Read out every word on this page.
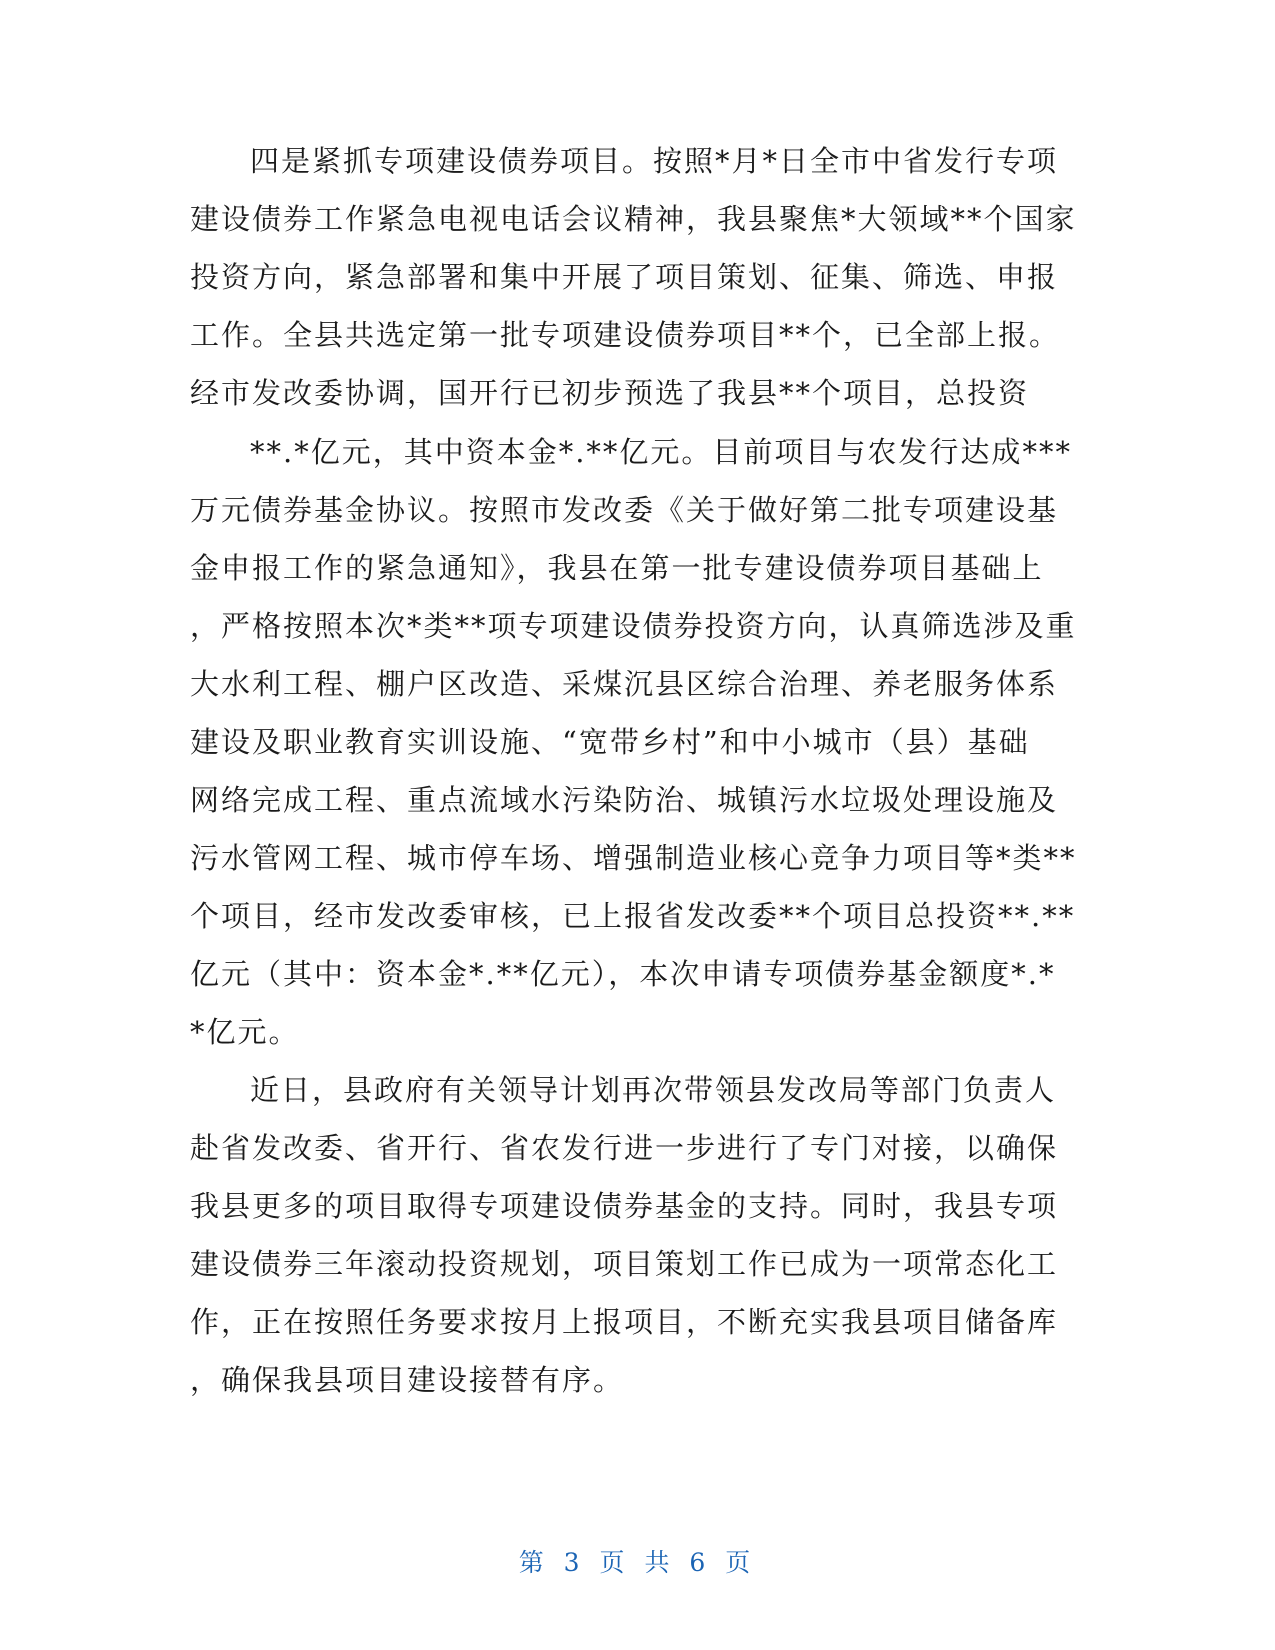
四是紧抓专项建设债券项目。按照*月*日全市中省发行专项
建设债券工作紧急电视电话会议精神，我县聚焦*大领域**个国家
投资方向，紧急部署和集中开展了项目策划、征集、筛选、申报
工作。全县共选定第一批专项建设债券项目**个，已全部上报。
经市发改委协调，国开行已初步预选了我县**个项目，总投资
**.*亿元，其中资本金*.**亿元。目前项目与农发行达成***
万元债券基金协议。按照市发改委《关于做好第二批专项建设基
金申报工作的紧急通知》，我县在第一批专建设债券项目基础上
，严格按照本次*类**项专项建设债券投资方向，认真筛选涉及重
大水利工程、棚户区改造、采煤沉县区综合治理、养老服务体系
建设及职业教育实训设施、“宽带乡村”和中小城市（县）基础
网络完成工程、重点流域水污染防治、城镇污水垃圾处理设施及
污水管网工程、城市停车场、增强制造业核心竞争力项目等*类**
个项目，经市发改委审核，已上报省发改委**个项目总投资**.**
亿元（其中：资本金*.**亿元），本次申请专项债券基金额度*.*
*亿元。
近日，县政府有关领导计划再次带领县发改局等部门负责人
赴省发改委、省开行、省农发行进一步进行了专门对接，以确保
我县更多的项目取得专项建设债券基金的支持。同时，我县专项
建设债券三年滚动投资规划，项目策划工作已成为一项常态化工
作，正在按照任务要求按月上报项目，不断充实我县项目储备库
，确保我县项目建设接替有序。
第 3 页 共 6 页
